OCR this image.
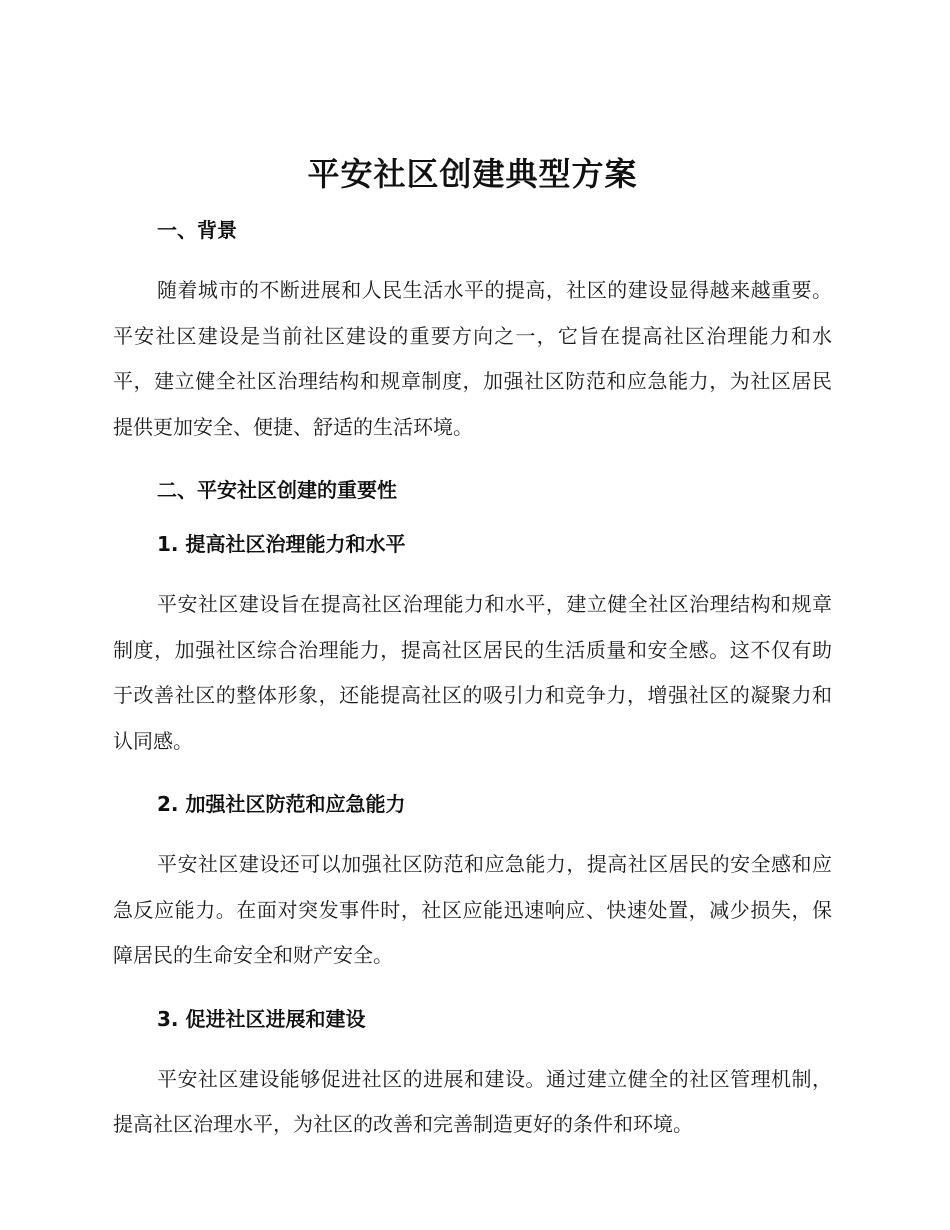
平安社区创建典型方案
一、背景

随着城市的不断进展和人民生活水平的提高，社区的建设显得越来越重要。平安社区建设是当前社区建设的重要方向之一，它旨在提高社区治理能力和水平，建立健全社区治理结构和规章制度，加强社区防范和应急能力，为社区居民提供更加安全、便捷、舒适的生活环境。

二、平安社区创建的重要性
1. 提高社区治理能力和水平

平安社区建设旨在提高社区治理能力和水平，建立健全社区治理结构和规章制度，加强社区综合治理能力，提高社区居民的生活质量和安全感。这不仅有助于改善社区的整体形象，还能提高社区的吸引力和竞争力，增强社区的凝聚力和认同感。

2. 加强社区防范和应急能力

平安社区建设还可以加强社区防范和应急能力，提高社区居民的安全感和应急反应能力。在面对突发事件时，社区应能迅速响应、快速处置，减少损失，保障居民的生命安全和财产安全。

3. 促进社区进展和建设

平安社区建设能够促进社区的进展和建设。通过建立健全的社区管理机制，提高社区治理水平，为社区的改善和完善制造更好的条件和环境。
